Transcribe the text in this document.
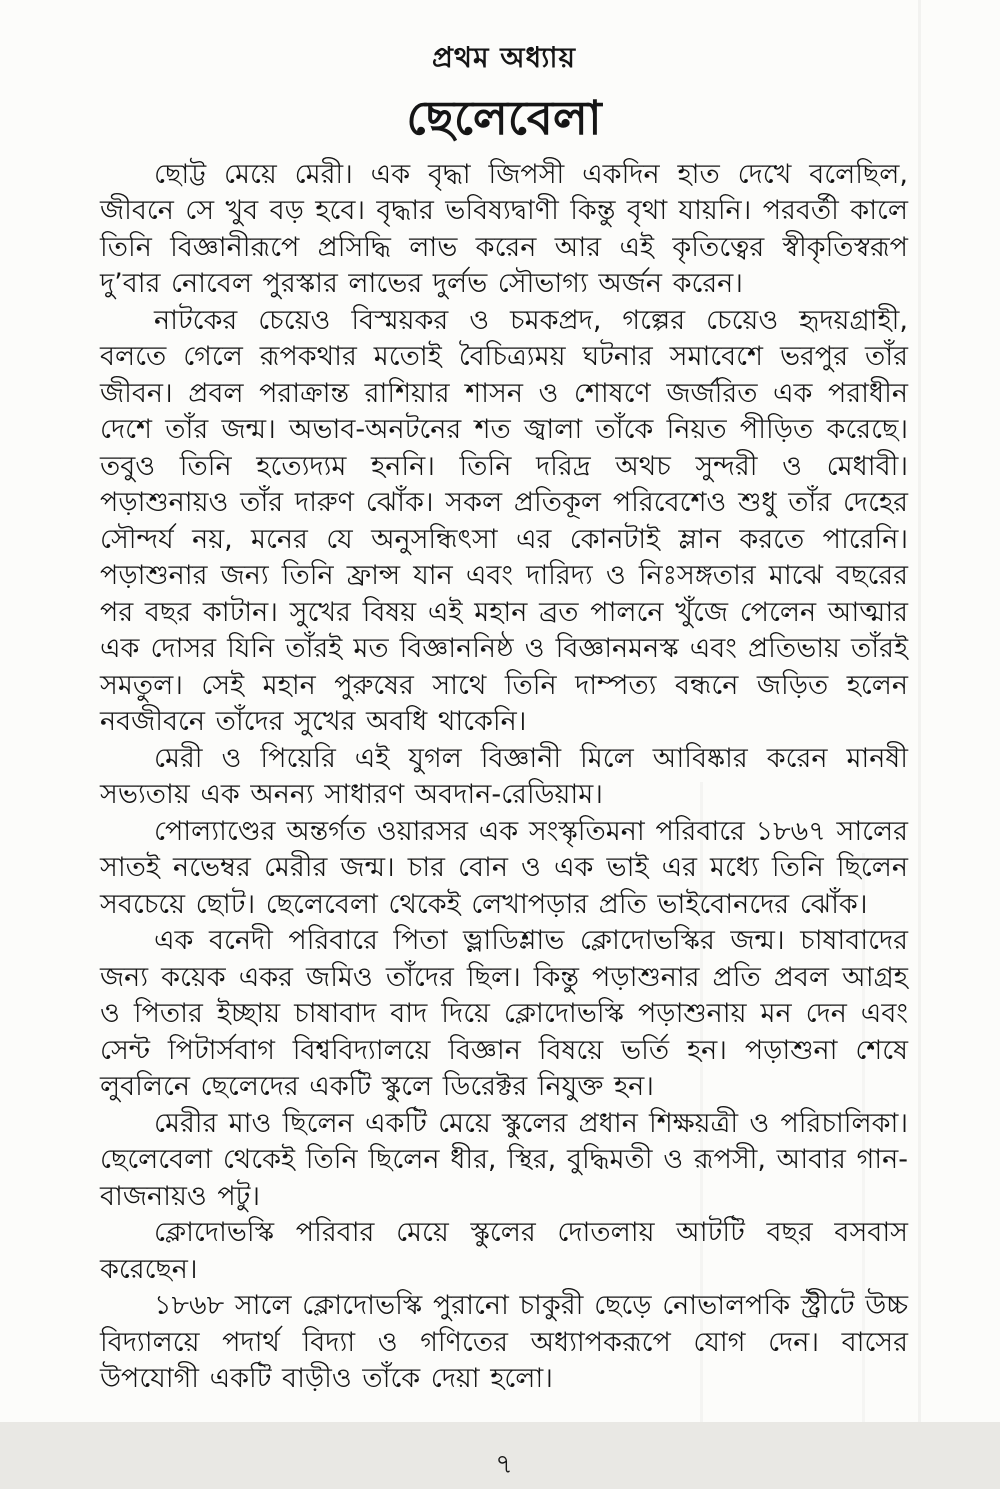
প্রথম অধ্যায়
ছেলেবেলা

ছোট্ট মেয়ে মেরী। এক বৃদ্ধা জিপসী একদিন হাত দেখে বলেছিল, জীবনে সে খুব বড় হবে। বৃদ্ধার ভবিষ্যদ্বাণী কিন্তু বৃথা যায়নি। পরবর্তী কালে তিনি বিজ্ঞানীরূপে প্রসিদ্ধি লাভ করেন আর এই কৃতিত্বের স্বীকৃতিস্বরূপ দু’বার নোবেল পুরস্কার লাভের দুর্লভ সৌভাগ্য অর্জন করেন।

নাটকের চেয়েও বিস্ময়কর ও চমকপ্রদ, গল্পের চেয়েও হৃদয়গ্রাহী, বলতে গেলে রূপকথার মতোই বৈচিত্র্যময় ঘটনার সমাবেশে ভরপুর তাঁর জীবন। প্রবল পরাক্রান্ত রাশিয়ার শাসন ও শোষণে জর্জরিত এক পরাধীন দেশে তাঁর জন্ম। অভাব-অনটনের শত জ্বালা তাঁকে নিয়ত পীড়িত করেছে। তবুও তিনি হত্যেদ্যম হননি। তিনি দরিদ্র অথচ সুন্দরী ও মেধাবী। পড়াশুনায়ও তাঁর দারুণ ঝোঁক। সকল প্রতিকূল পরিবেশেও শুধু তাঁর দেহের সৌন্দর্য নয়, মনের যে অনুসন্ধিৎসা এর কোনটাই ম্লান করতে পারেনি। পড়াশুনার জন্য তিনি ফ্রান্স যান এবং দারিদ্য ও নিঃসঙ্গতার মাঝে বছরের পর বছর কাটান। সুখের বিষয় এই মহান ব্রত পালনে খুঁজে পেলেন আত্মার এক দোসর যিনি তাঁরই মত বিজ্ঞাননিষ্ঠ ও বিজ্ঞানমনস্ক এবং প্রতিভায় তাঁরই সমতুল। সেই মহান পুরুষের সাথে তিনি দাম্পত্য বন্ধনে জড়িত হলেন নবজীবনে তাঁদের সুখের অবধি থাকেনি।

মেরী ও পিয়েরি এই যুগল বিজ্ঞানী মিলে আবিষ্কার করেন মানষী সভ্যতায় এক অনন্য সাধারণ অবদান-রেডিয়াম।

পোল্যাণ্ডের অন্তর্গত ওয়ারসর এক সংস্কৃতিমনা পরিবারে ১৮৬৭ সালের সাতই নভেম্বর মেরীর জন্ম। চার বোন ও এক ভাই এর মধ্যে তিনি ছিলেন সবচেয়ে ছোট। ছেলেবেলা থেকেই লেখাপড়ার প্রতি ভাইবোনদের ঝোঁক।

এক বনেদী পরিবারে পিতা ভ্লাডিশ্লাভ ক্লোদোভস্কির জন্ম। চাষাবাদের জন্য কয়েক একর জমিও তাঁদের ছিল। কিন্তু পড়াশুনার প্রতি প্রবল আগ্রহ ও পিতার ইচ্ছায় চাষাবাদ বাদ দিয়ে ক্লোদোভস্কি পড়াশুনায় মন দেন এবং সেন্ট পিটার্সবাগ বিশ্ববিদ্যালয়ে বিজ্ঞান বিষয়ে ভর্তি হন। পড়াশুনা শেষে লুবলিনে ছেলেদের একটি স্কুলে ডিরেক্টর নিযুক্ত হন।

মেরীর মাও ছিলেন একটি মেয়ে স্কুলের প্রধান শিক্ষয়ত্রী ও পরিচালিকা। ছেলেবেলা থেকেই তিনি ছিলেন ধীর, স্থির, বুদ্ধিমতী ও রূপসী, আবার গান-বাজনায়ও পটু।

ক্লোদোভস্কি পরিবার মেয়ে স্কুলের দোতলায় আটটি বছর বসবাস করেছেন।

১৮৬৮ সালে ক্লোদোভস্কি পুরানো চাকুরী ছেড়ে নোভালপকি স্ট্রীটে উচ্চ বিদ্যালয়ে পদার্থ বিদ্যা ও গণিতের অধ্যাপকরূপে যোগ দেন। বাসের উপযোগী একটি বাড়ীও তাঁকে দেয়া হলো।

৭
